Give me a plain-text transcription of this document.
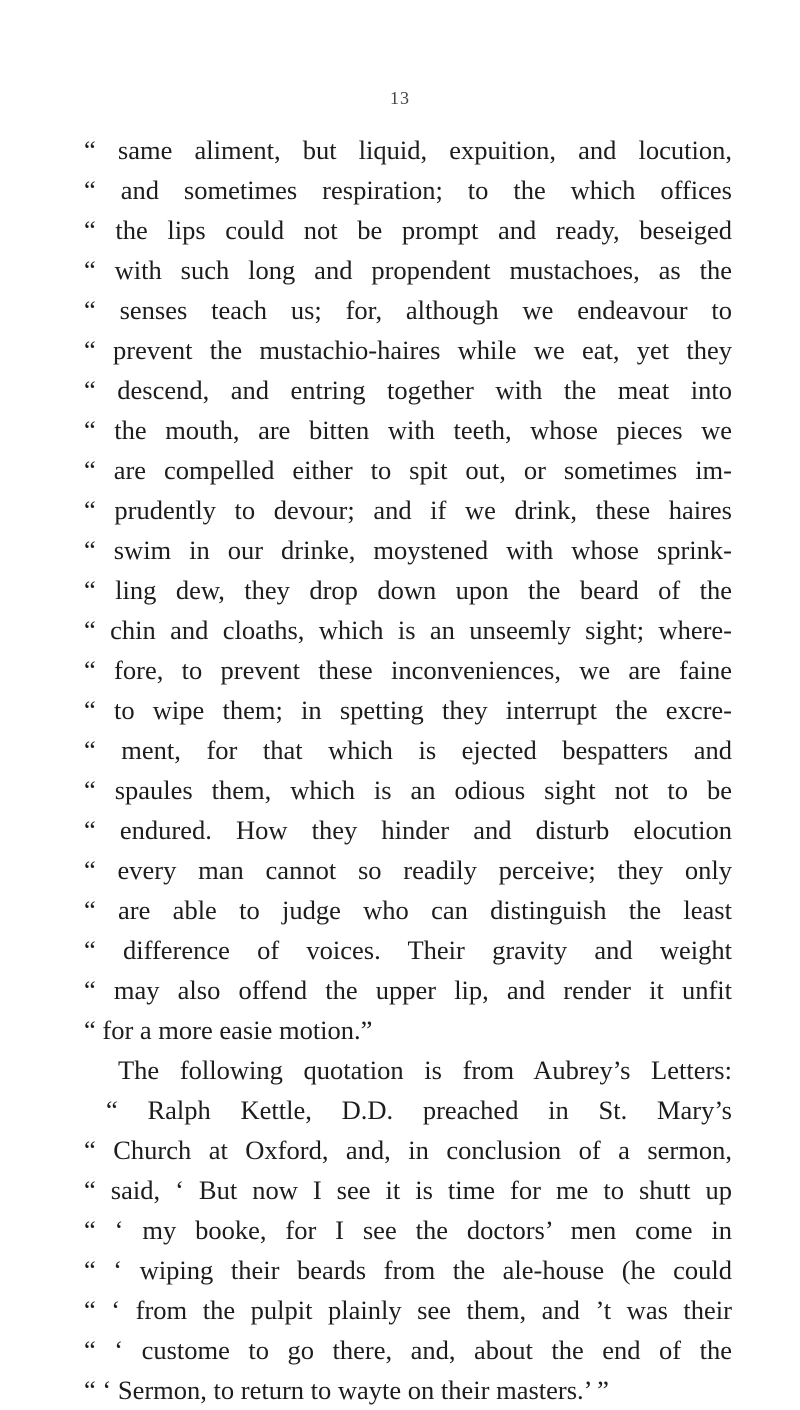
13
“ same aliment, but liquid, expuition, and locution,
“ and sometimes respiration; to the which offices
“ the lips could not be prompt and ready, beseiged
“ with such long and propendent mustachoes, as the
“ senses teach us; for, although we endeavour to
“ prevent the mustachio-haires while we eat, yet they
“ descend, and entring together with the meat into
“ the mouth, are bitten with teeth, whose pieces we
“ are compelled either to spit out, or sometimes im-
“ prudently to devour; and if we drink, these haires
“ swim in our drinke, moystened with whose sprink-
“ ling dew, they drop down upon the beard of the
“ chin and cloaths, which is an unseemly sight; where-
“ fore, to prevent these inconveniences, we are faine
“ to wipe them; in spetting they interrupt the excre-
“ ment, for that which is ejected bespatters and
“ spaules them, which is an odious sight not to be
“ endured. How they hinder and disturb elocution
“ every man cannot so readily perceive; they only
“ are able to judge who can distinguish the least
“ difference of voices. Their gravity and weight
“ may also offend the upper lip, and render it unfit
“ for a more easie motion.”
The following quotation is from Aubrey’s Letters:
“ Ralph Kettle, D.D. preached in St. Mary’s
“ Church at Oxford, and, in conclusion of a sermon,
“ said, ‘ But now I see it is time for me to shutt up
“ ‘ my booke, for I see the doctors’ men come in
“ ‘ wiping their beards from the ale-house (he could
“ ‘ from the pulpit plainly see them, and ’t was their
“ ‘ custome to go there, and, about the end of the
“ ‘ Sermon, to return to wayte on their masters.’ ”
